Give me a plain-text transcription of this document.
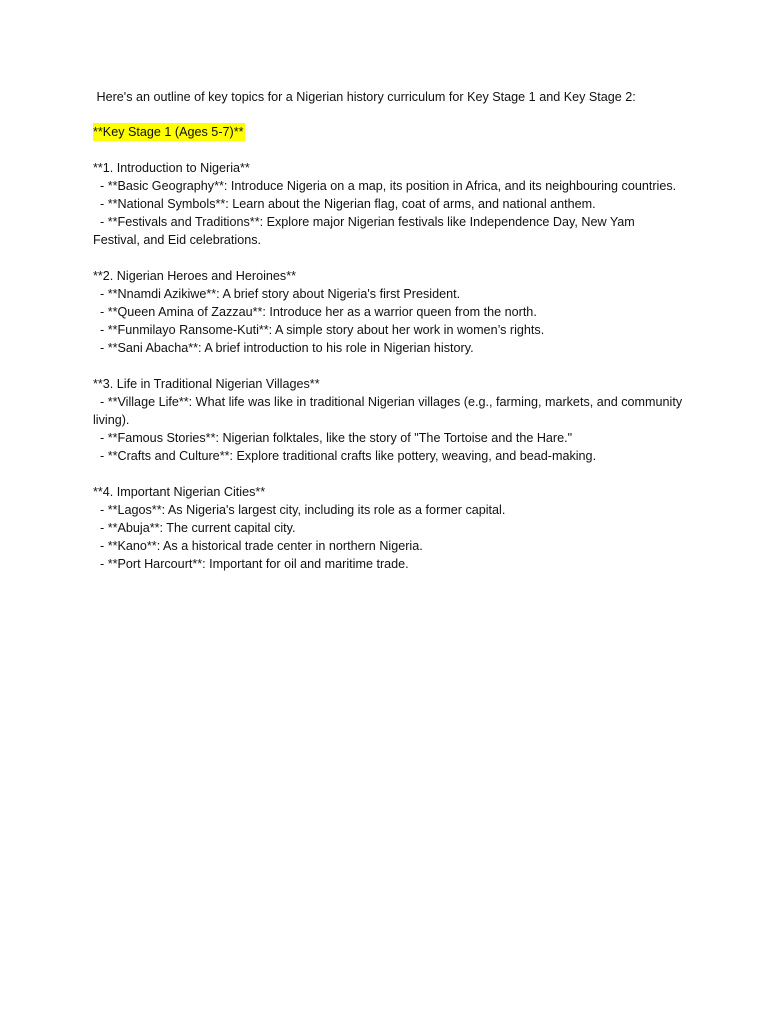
Here's an outline of key topics for a Nigerian history curriculum for Key Stage 1 and Key Stage 2:

**Key Stage 1 (Ages 5-7)**

**1. Introduction to Nigeria**

- **Basic Geography**: Introduce Nigeria on a map, its position in Africa, and its neighbouring countries.

- **National Symbols**: Learn about the Nigerian flag, coat of arms, and national anthem.

- **Festivals and Traditions**: Explore major Nigerian festivals like Independence Day, New Yam Festival, and Eid celebrations.

**2. Nigerian Heroes and Heroines**

- **Nnamdi Azikiwe**: A brief story about Nigeria's first President.

- **Queen Amina of Zazzau**: Introduce her as a warrior queen from the north.

- **Funmilayo Ransome-Kuti**: A simple story about her work in women’s rights.

- **Sani Abacha**: A brief introduction to his role in Nigerian history.

**3. Life in Traditional Nigerian Villages**

- **Village Life**: What life was like in traditional Nigerian villages (e.g., farming, markets, and community living).

- **Famous Stories**: Nigerian folktales, like the story of "The Tortoise and the Hare."

- **Crafts and Culture**: Explore traditional crafts like pottery, weaving, and bead-making.

**4. Important Nigerian Cities**

- **Lagos**: As Nigeria's largest city, including its role as a former capital.

- **Abuja**: The current capital city.

- **Kano**: As a historical trade center in northern Nigeria.

- **Port Harcourt**: Important for oil and maritime trade.
